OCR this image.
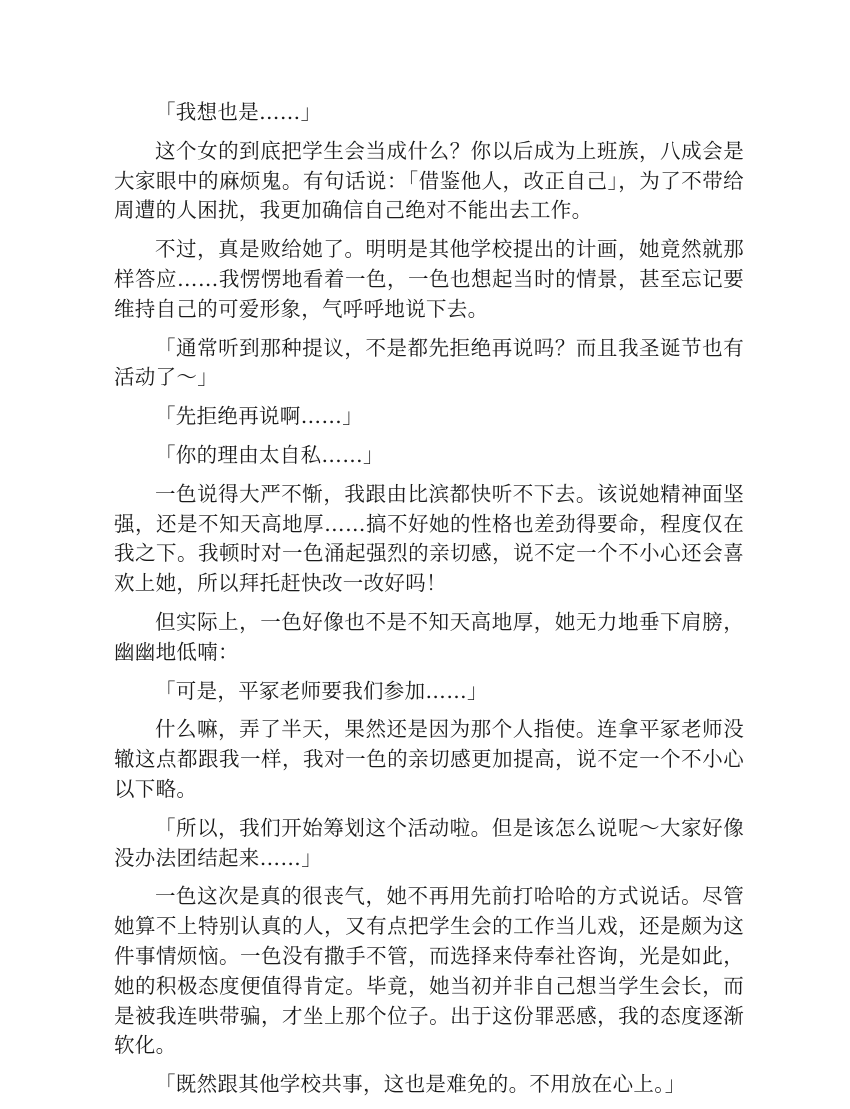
「我想也是……」

这个女的到底把学生会当成什么？你以后成为上班族，八成会是大家眼中的麻烦鬼。有句话说：「借鉴他人，改正自己」，为了不带给周遭的人困扰，我更加确信自己绝对不能出去工作。

不过，真是败给她了。明明是其他学校提出的计画，她竟然就那样答应……我愣愣地看着一色，一色也想起当时的情景，甚至忘记要维持自己的可爱形象，气呼呼地说下去。

「通常听到那种提议，不是都先拒绝再说吗？而且我圣诞节也有活动了～」

「先拒绝再说啊……」

「你的理由太自私……」

一色说得大严不惭，我跟由比滨都快听不下去。该说她精神面坚强，还是不知天高地厚……搞不好她的性格也差劲得要命，程度仅在我之下。我顿时对一色涌起强烈的亲切感，说不定一个不小心还会喜欢上她，所以拜托赶快改一改好吗！

但实际上，一色好像也不是不知天高地厚，她无力地垂下肩膀，幽幽地低喃：

「可是，平冢老师要我们参加……」

什么嘛，弄了半天，果然还是因为那个人指使。连拿平冢老师没辙这点都跟我一样，我对一色的亲切感更加提高，说不定一个不小心以下略。

「所以，我们开始筹划这个活动啦。但是该怎么说呢～大家好像没办法团结起来……」

一色这次是真的很丧气，她不再用先前打哈哈的方式说话。尽管她算不上特别认真的人，又有点把学生会的工作当儿戏，还是颇为这件事情烦恼。一色没有撒手不管，而选择来侍奉社咨询，光是如此，她的积极态度便值得肯定。毕竟，她当初并非自己想当学生会长，而是被我连哄带骗，才坐上那个位子。出于这份罪恶感，我的态度逐渐软化。

「既然跟其他学校共事，这也是难免的。不用放在心上。」
